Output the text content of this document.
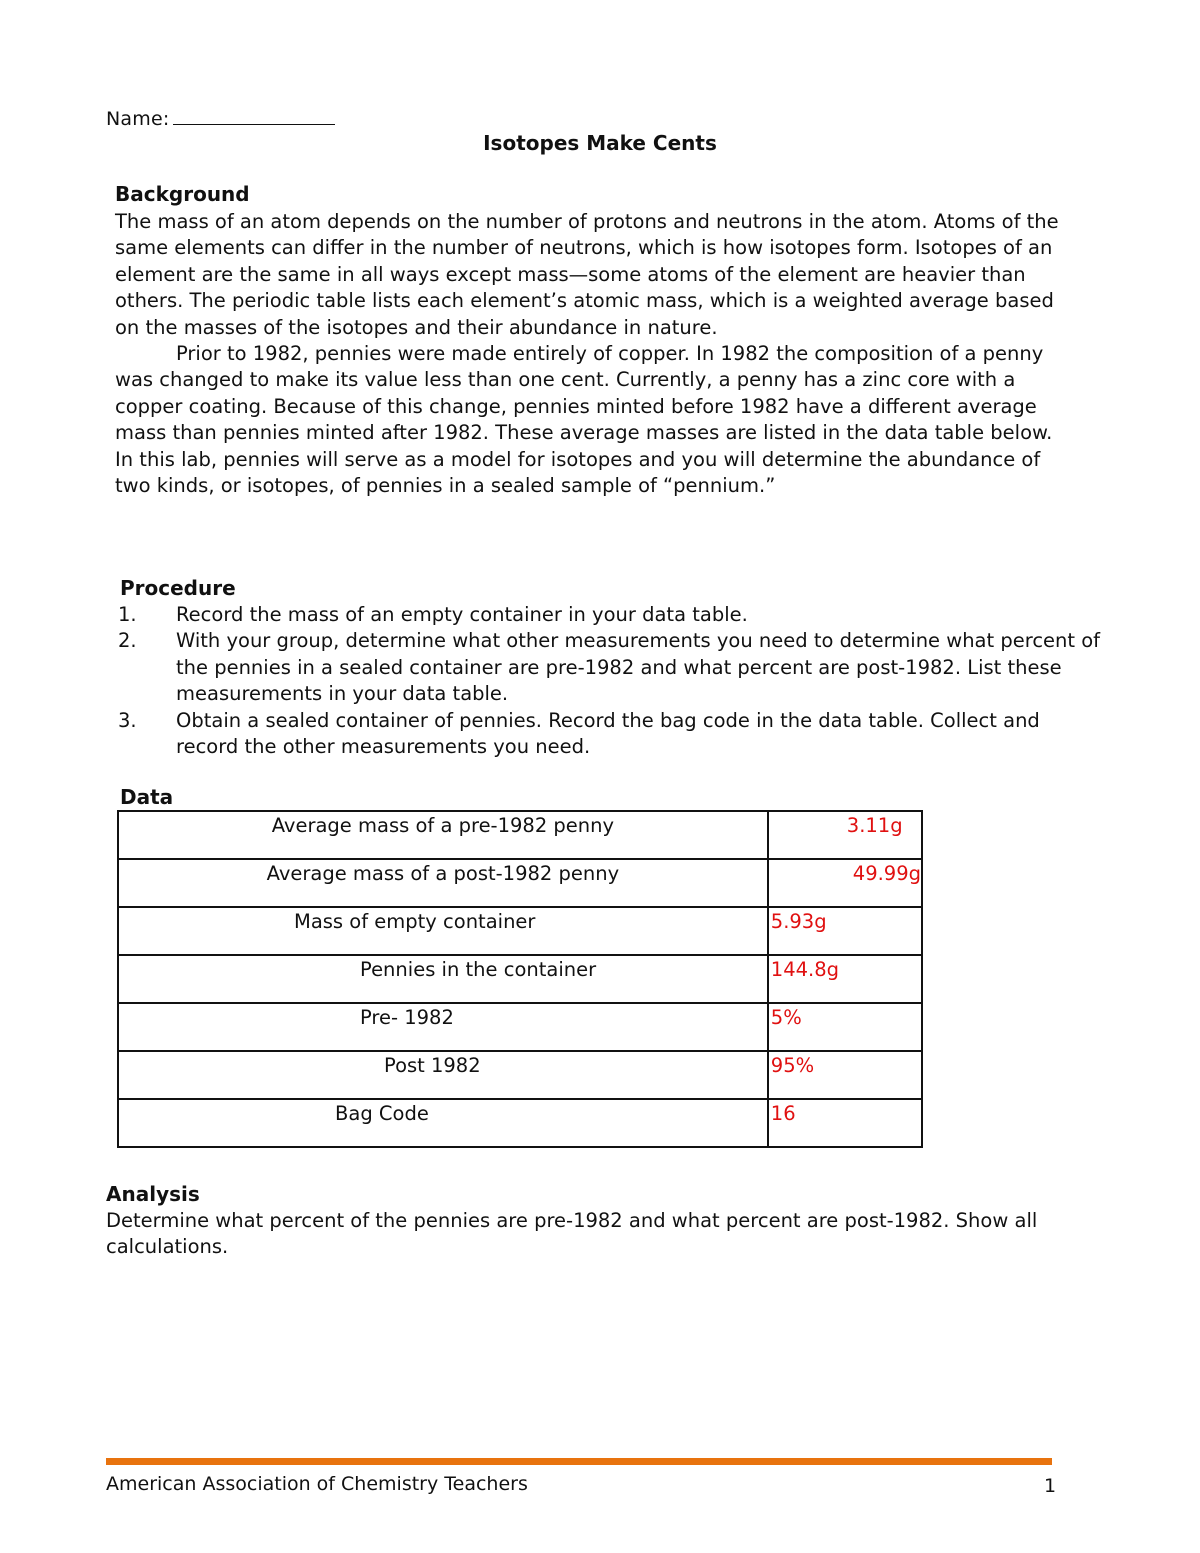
Name:
Isotopes Make Cents
Background
The mass of an atom depends on the number of protons and neutrons in the atom. Atoms of the same elements can differ in the number of neutrons, which is how isotopes form. Isotopes of an element are the same in all ways except mass—some atoms of the element are heavier than others. The periodic table lists each element’s atomic mass, which is a weighted average based on the masses of the isotopes and their abundance in nature.
Prior to 1982, pennies were made entirely of copper. In 1982 the composition of a penny was changed to make its value less than one cent. Currently, a penny has a zinc core with a copper coating. Because of this change, pennies minted before 1982 have a different average mass than pennies minted after 1982. These average masses are listed in the data table below. In this lab, pennies will serve as a model for isotopes and you will determine the abundance of two kinds, or isotopes, of pennies in a sealed sample of “pennium.”
Procedure
1. Record the mass of an empty container in your data table.
2. With your group, determine what other measurements you need to determine what percent of the pennies in a sealed container are pre-1982 and what percent are post-1982. List these measurements in your data table.
3. Obtain a sealed container of pennies. Record the bag code in the data table. Collect and record the other measurements you need.
Data
Average mass of a pre-1982 penny	3.11g
Average mass of a post-1982 penny	49.99g
Mass of empty container	5.93g
Pennies in the container	144.8g
Pre- 1982	5%
Post 1982	95%
Bag Code	16
Analysis
Determine what percent of the pennies are pre-1982 and what percent are post-1982. Show all calculations.
American Association of Chemistry Teachers	1
